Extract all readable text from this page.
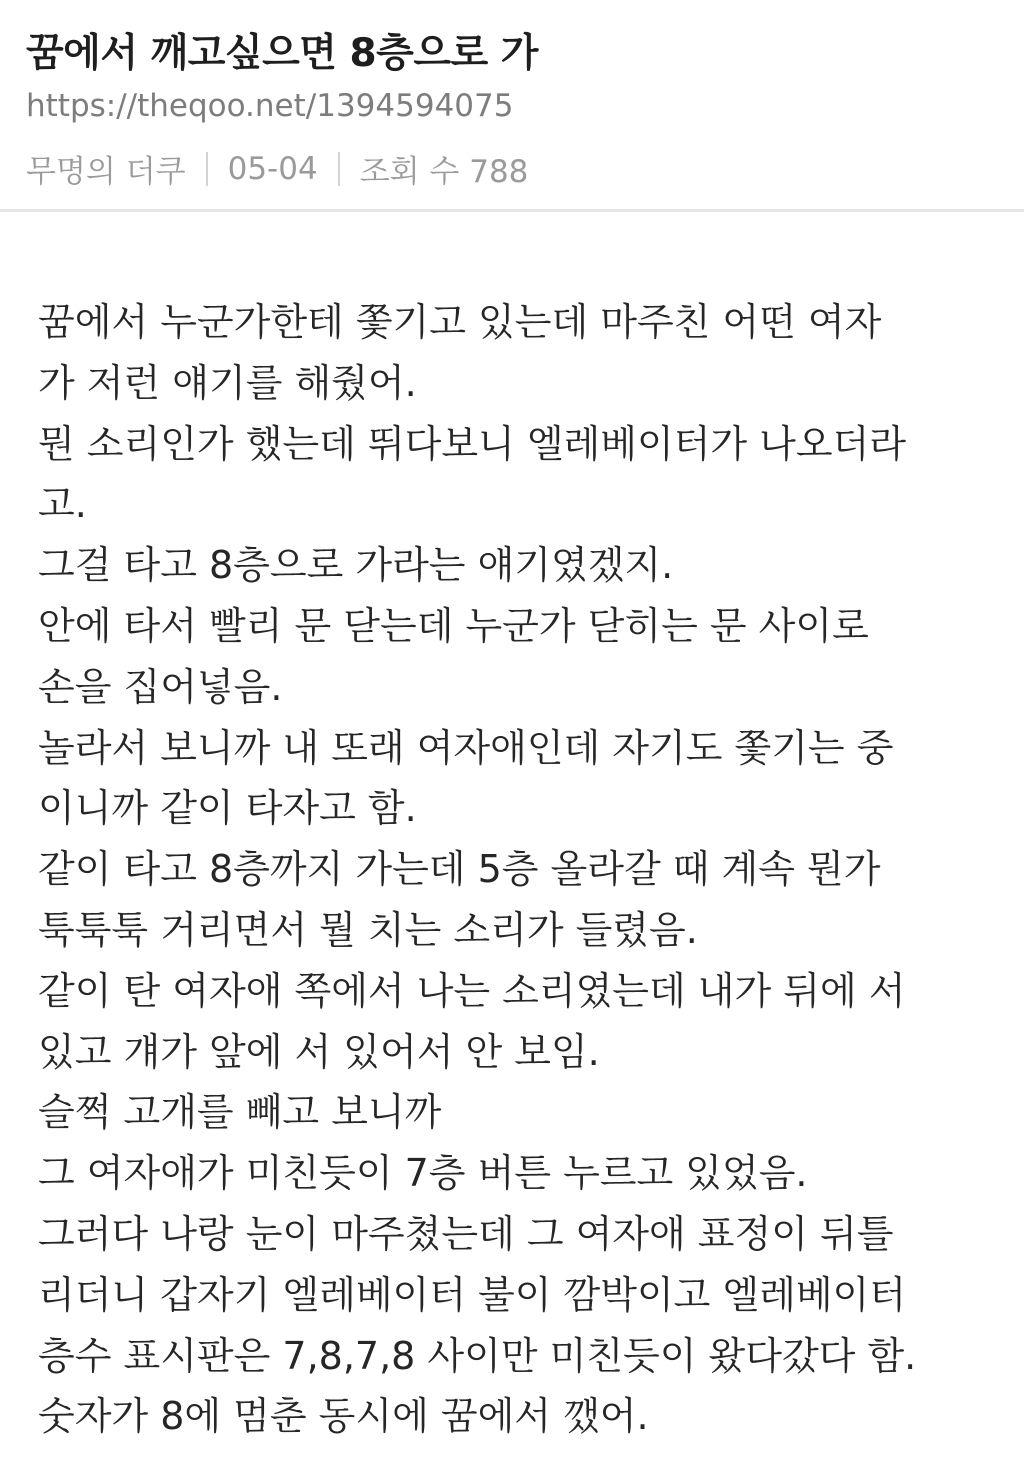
꿈에서 깨고싶으면 8층으로 가
https://theqoo.net/1394594075
무명의 더쿠 05-04 조회 수 788
꿈에서 누군가한테 쫓기고 있는데 마주친 어떤 여자
가 저런 얘기를 해줬어.
뭔 소리인가 했는데 뛰다보니 엘레베이터가 나오더라
고.
그걸 타고 8층으로 가라는 얘기였겠지.
안에 타서 빨리 문 닫는데 누군가 닫히는 문 사이로
손을 집어넣음.
놀라서 보니까 내 또래 여자애인데 자기도 쫓기는 중
이니까 같이 타자고 함.
같이 타고 8층까지 가는데 5층 올라갈 때 계속 뭔가
툭툭툭 거리면서 뭘 치는 소리가 들렸음.
같이 탄 여자애 쪽에서 나는 소리였는데 내가 뒤에 서
있고 걔가 앞에 서 있어서 안 보임.
슬쩍 고개를 빼고 보니까
그 여자애가 미친듯이 7층 버튼 누르고 있었음.
그러다 나랑 눈이 마주쳤는데 그 여자애 표정이 뒤틀
리더니 갑자기 엘레베이터 불이 깜박이고 엘레베이터
층수 표시판은 7,8,7,8 사이만 미친듯이 왔다갔다 함.
숫자가 8에 멈춘 동시에 꿈에서 깼어.
